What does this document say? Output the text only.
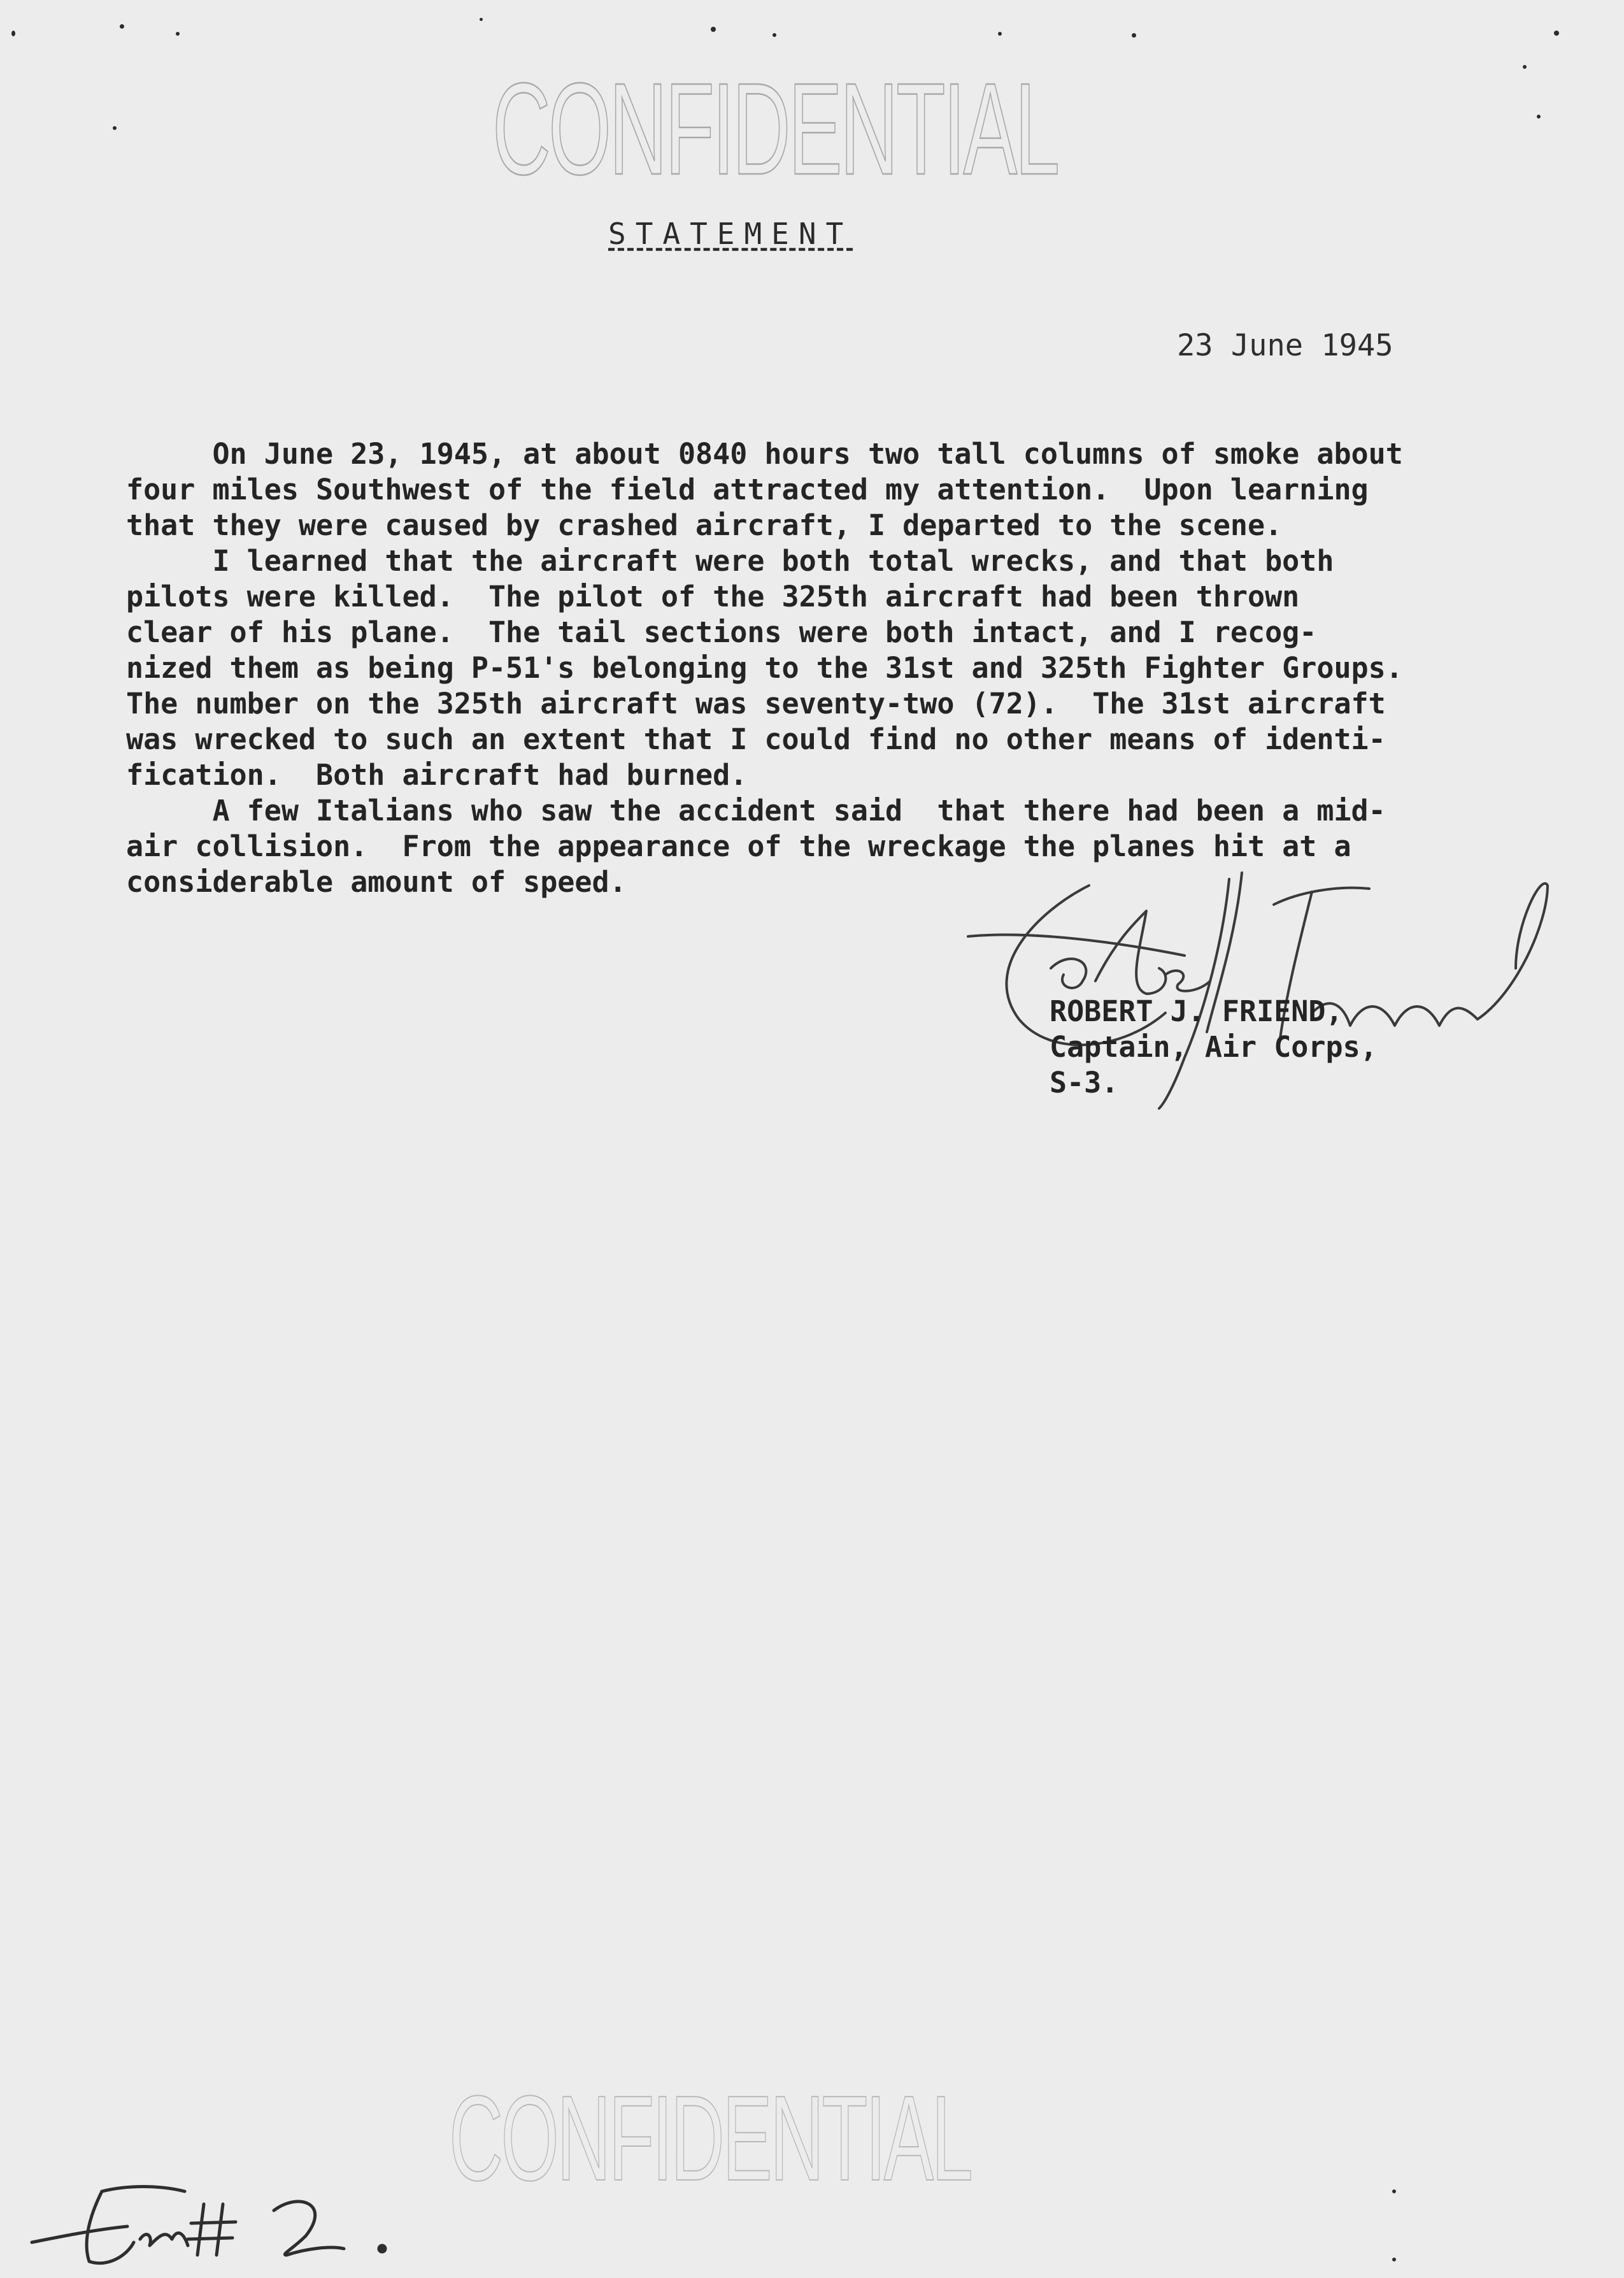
CONFIDENTIAL
STATEMENT
23 June 1945
On June 23, 1945, at about 0840 hours two tall columns of smoke about
four miles Southwest of the field attracted my attention.  Upon learning
that they were caused by crashed aircraft, I departed to the scene.
I learned that the aircraft were both total wrecks, and that both
pilots were killed.  The pilot of the 325th aircraft had been thrown
clear of his plane.  The tail sections were both intact, and I recog-
nized them as being P-51's belonging to the 31st and 325th Fighter Groups.
The number on the 325th aircraft was seventy-two (72).  The 31st aircraft
was wrecked to such an extent that I could find no other means of identi-
fication.  Both aircraft had burned.
A few Italians who saw the accident said  that there had been a mid-
air collision.  From the appearance of the wreckage the planes hit at a
considerable amount of speed.
ROBERT J. FRIEND,
Captain, Air Corps,
S-3.
CONFIDENTIAL
